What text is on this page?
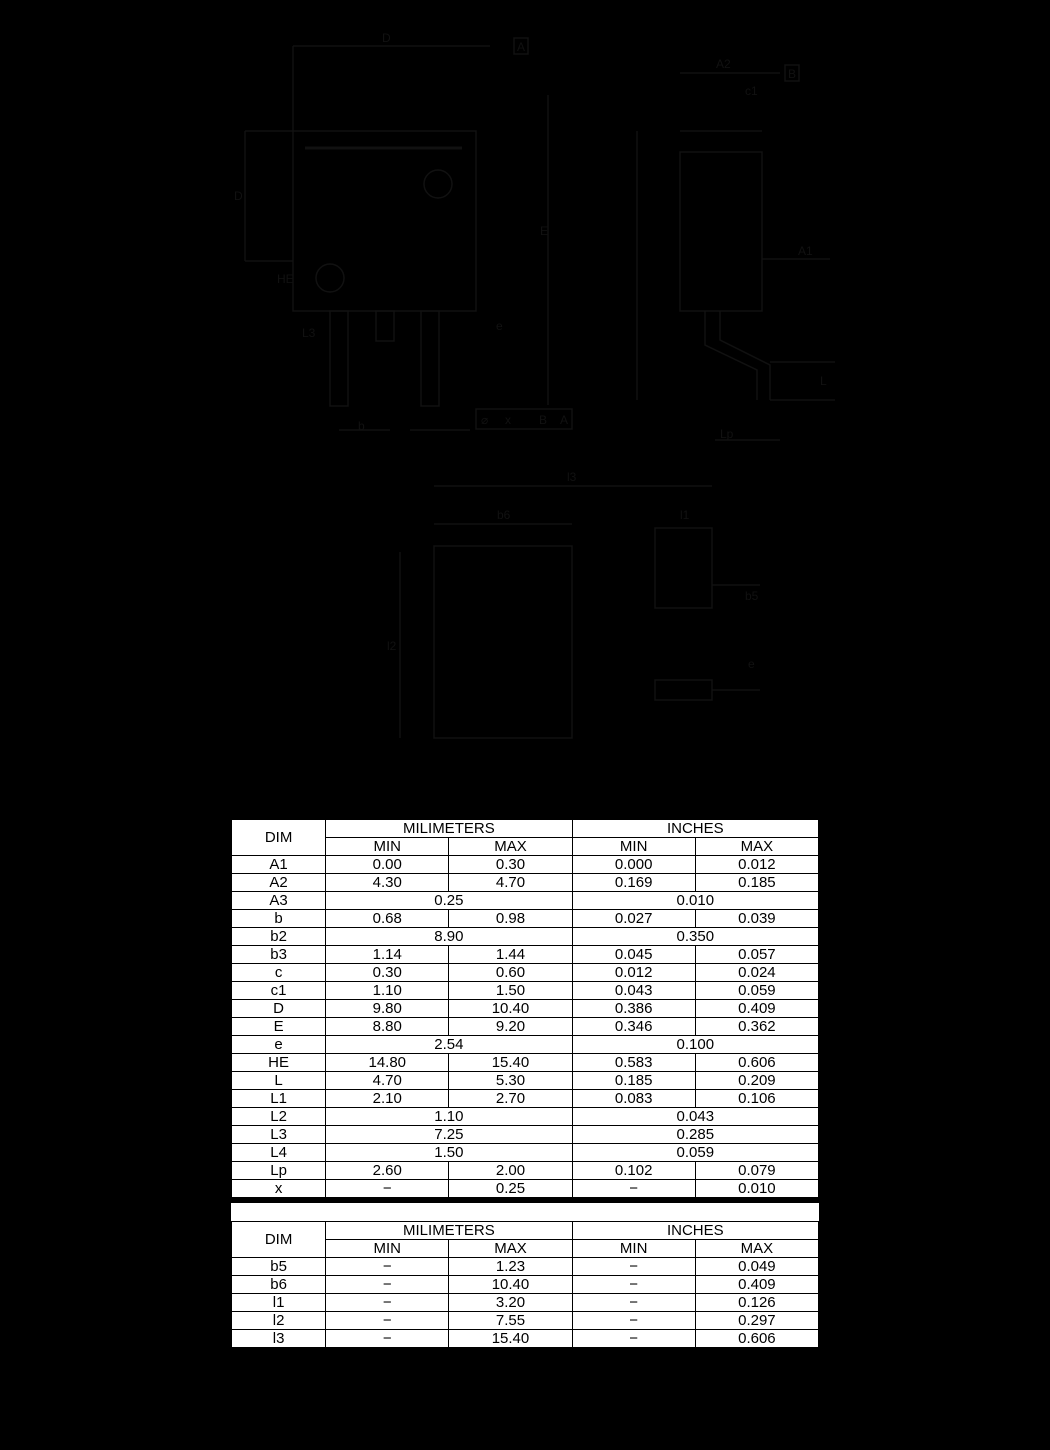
D
A
D
HE
E
L3
b
e
⌀ x B A
A2
B
c1
A1
L
Lp
l3
b6	l1
l2
b5
e
DIM	MILIMETERS		INCHES	
	MIN	MAX	MIN	MAX
A1	0.00	0.30	0.000	0.012
A2	4.30	4.70	0.169	0.185
A3	0.25		0.010	
b	0.68	0.98	0.027	0.039
b2	8.90		0.350	
b3	1.14	1.44	0.045	0.057
c	0.30	0.60	0.012	0.024
c1	1.10	1.50	0.043	0.059
D	9.80	10.40	0.386	0.409
E	8.80	9.20	0.346	0.362
e	2.54		0.100	
HE	14.80	15.40	0.583	0.606
L	4.70	5.30	0.185	0.209
L1	2.10	2.70	0.083	0.106
L2	1.10		0.043	
L3	7.25		0.285	
L4	1.50		0.059	
Lp	2.60	2.00	0.102	0.079
x	−	0.25	−	0.010
DIM	MILIMETERS		INCHES	
	MIN	MAX	MIN	MAX
b5	−	1.23	−	0.049
b6	−	10.40	−	0.409
l1	−	3.20	−	0.126
l2	−	7.55	−	0.297
l3	−	15.40	−	0.606
